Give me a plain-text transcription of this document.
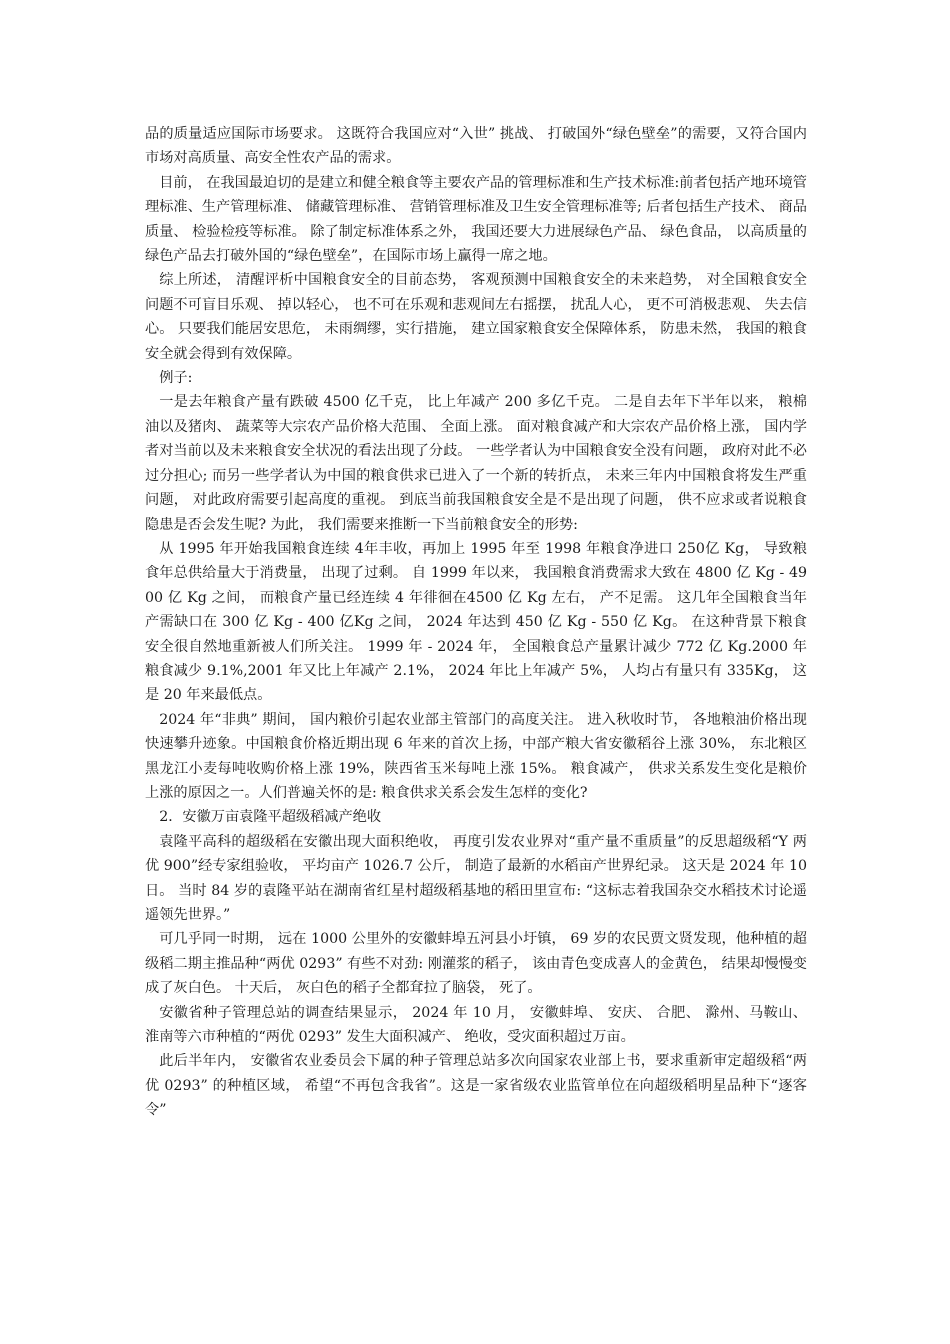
品的质量适应国际市场要求。 这既符合我国应对“入世” 挑战、 打破国外“绿色壁垒”的需要，又符合国内市场对高质量、高安全性农产品的需求。

目前， 在我国最迫切的是建立和健全粮食等主要农产品的管理标准和生产技术标准:前者包括产地环境管理标准、生产管理标准、 储藏管理标准、 营销管理标准及卫生安全管理标准等; 后者包括生产技术、 商品质量、 检验检疫等标准。 除了制定标准体系之外， 我国还要大力进展绿色产品、 绿色食品， 以高质量的绿色产品去打破外国的“绿色壁垒”，在国际市场上赢得一席之地。

综上所述， 清醒评析中国粮食安全的目前态势， 客观预测中国粮食安全的未来趋势， 对全国粮食安全问题不可盲目乐观、 掉以轻心， 也不可在乐观和悲观间左右摇摆， 扰乱人心， 更不可消极悲观、 失去信心。 只要我们能居安思危， 未雨绸缪，实行措施， 建立国家粮食安全保障体系， 防患未然， 我国的粮食安全就会得到有效保障。

例子:

一是去年粮食产量有跌破 4500 亿千克， 比上年减产 200 多亿千克。 二是自去年下半年以来， 粮棉油以及猪肉、 蔬菜等大宗农产品价格大范围、 全面上涨。 面对粮食减产和大宗农产品价格上涨， 国内学者对当前以及未来粮食安全状况的看法出现了分歧。 一些学者认为中国粮食安全没有问题， 政府对此不必过分担心; 而另一些学者认为中国的粮食供求已进入了一个新的转折点， 未来三年内中国粮食将发生严重问题， 对此政府需要引起高度的重视。 到底当前我国粮食安全是不是出现了问题， 供不应求或者说粮食隐患是否会发生呢? 为此， 我们需要来推断一下当前粮食安全的形势:

从 1995 年开始我国粮食连续 4年丰收，再加上 1995 年至 1998 年粮食净进口 250亿 Kg， 导致粮食年总供给量大于消费量， 出现了过剩。 自 1999 年以来， 我国粮食消费需求大致在 4800 亿 Kg - 4900 亿 Kg 之间， 而粮食产量已经连续 4 年徘徊在4500 亿 Kg 左右， 产不足需。 这几年全国粮食当年产需缺口在 300 亿 Kg - 400 亿Kg 之间， 2024 年达到 450 亿 Kg - 550 亿 Kg。 在这种背景下粮食安全很自然地重新被人们所关注。 1999 年 - 2024 年， 全国粮食总产量累计减少 772 亿 Kg.2000 年粮食减少 9.1%,2001 年又比上年减产 2.1%， 2024 年比上年减产 5%， 人均占有量只有 335Kg， 这是 20 年来最低点。

2024 年“非典” 期间， 国内粮价引起农业部主管部门的高度关注。 进入秋收时节， 各地粮油价格出现快速攀升迹象。中国粮食价格近期出现 6 年来的首次上扬，中部产粮大省安徽稻谷上涨 30%， 东北粮区黑龙江小麦每吨收购价格上涨 19%，陕西省玉米每吨上涨 15%。 粮食减产， 供求关系发生变化是粮价上涨的原因之一。人们普遍关怀的是: 粮食供求关系会发生怎样的变化?

2．安徽万亩袁隆平超级稻减产绝收

袁隆平高科的超级稻在安徽出现大面积绝收， 再度引发农业界对“重产量不重质量”的反思超级稻“Y 两优 900”经专家组验收， 平均亩产 1026.7 公斤， 制造了最新的水稻亩产世界纪录。 这天是 2024 年 10 日。 当时 84 岁的袁隆平站在湖南省红星村超级稻基地的稻田里宣布: “这标志着我国杂交水稻技术讨论遥遥领先世界。”

可几乎同一时期， 远在 1000 公里外的安徽蚌埠五河县小圩镇， 69 岁的农民贾文贤发现，他种植的超级稻二期主推品种“两优 0293” 有些不对劲: 刚灌浆的稻子， 该由青色变成喜人的金黄色， 结果却慢慢变成了灰白色。 十天后， 灰白色的稻子全都耷拉了脑袋， 死了。

安徽省种子管理总站的调查结果显示， 2024 年 10 月， 安徽蚌埠、 安庆、 合肥、 滁州、马鞍山、 淮南等六市种植的“两优 0293” 发生大面积减产、 绝收，受灾面积超过万亩。

此后半年内， 安徽省农业委员会下属的种子管理总站多次向国家农业部上书，要求重新审定超级稻“两优 0293” 的种植区域， 希望“不再包含我省”。这是一家省级农业监管单位在向超级稻明星品种下“逐客令”
